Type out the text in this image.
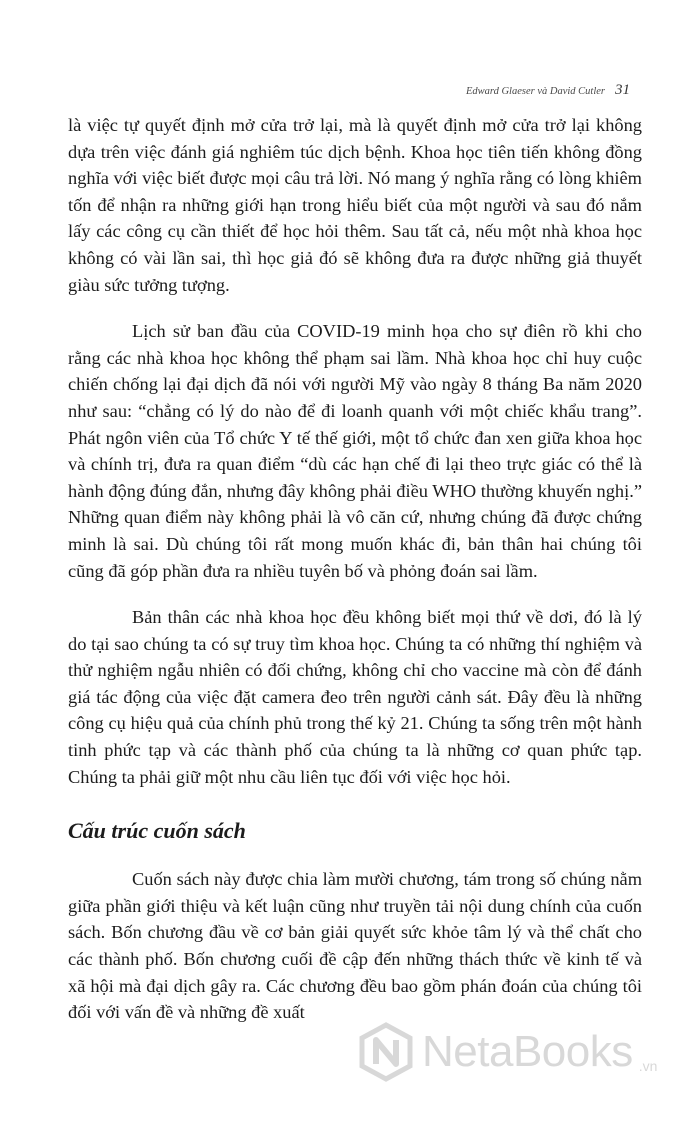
Edward Glaeser và David Cutler 31

là việc tự quyết định mở cửa trở lại, mà là quyết định mở cửa trở lại không dựa trên việc đánh giá nghiêm túc dịch bệnh. Khoa học tiên tiến không đồng nghĩa với việc biết được mọi câu trả lời. Nó mang ý nghĩa rằng có lòng khiêm tốn để nhận ra những giới hạn trong hiểu biết của một người và sau đó nắm lấy các công cụ cần thiết để học hỏi thêm. Sau tất cả, nếu một nhà khoa học không có vài lần sai, thì học giả đó sẽ không đưa ra được những giả thuyết giàu sức tưởng tượng.

Lịch sử ban đầu của COVID-19 minh họa cho sự điên rồ khi cho rằng các nhà khoa học không thể phạm sai lầm. Nhà khoa học chỉ huy cuộc chiến chống lại đại dịch đã nói với người Mỹ vào ngày 8 tháng Ba năm 2020 như sau: “chẳng có lý do nào để đi loanh quanh với một chiếc khẩu trang”. Phát ngôn viên của Tổ chức Y tế thế giới, một tổ chức đan xen giữa khoa học và chính trị, đưa ra quan điểm “dù các hạn chế đi lại theo trực giác có thể là hành động đúng đắn, nhưng đây không phải điều WHO thường khuyến nghị.” Những quan điểm này không phải là vô căn cứ, nhưng chúng đã được chứng minh là sai. Dù chúng tôi rất mong muốn khác đi, bản thân hai chúng tôi cũng đã góp phần đưa ra nhiều tuyên bố và phỏng đoán sai lầm.

Bản thân các nhà khoa học đều không biết mọi thứ về dơi, đó là lý do tại sao chúng ta có sự truy tìm khoa học. Chúng ta có những thí nghiệm và thử nghiệm ngẫu nhiên có đối chứng, không chỉ cho vaccine mà còn để đánh giá tác động của việc đặt camera đeo trên người cảnh sát. Đây đều là những công cụ hiệu quả của chính phủ trong thế kỷ 21. Chúng ta sống trên một hành tinh phức tạp và các thành phố của chúng ta là những cơ quan phức tạp. Chúng ta phải giữ một nhu cầu liên tục đối với việc học hỏi.

Cấu trúc cuốn sách

Cuốn sách này được chia làm mười chương, tám trong số chúng nằm giữa phần giới thiệu và kết luận cũng như truyền tải nội dung chính của cuốn sách. Bốn chương đầu về cơ bản giải quyết sức khỏe tâm lý và thể chất cho các thành phố. Bốn chương cuối đề cập đến những thách thức về kinh tế và xã hội mà đại dịch gây ra. Các chương đều bao gồm phán đoán của chúng tôi đối với vấn đề và những đề xuất

NetaBooks .vn
